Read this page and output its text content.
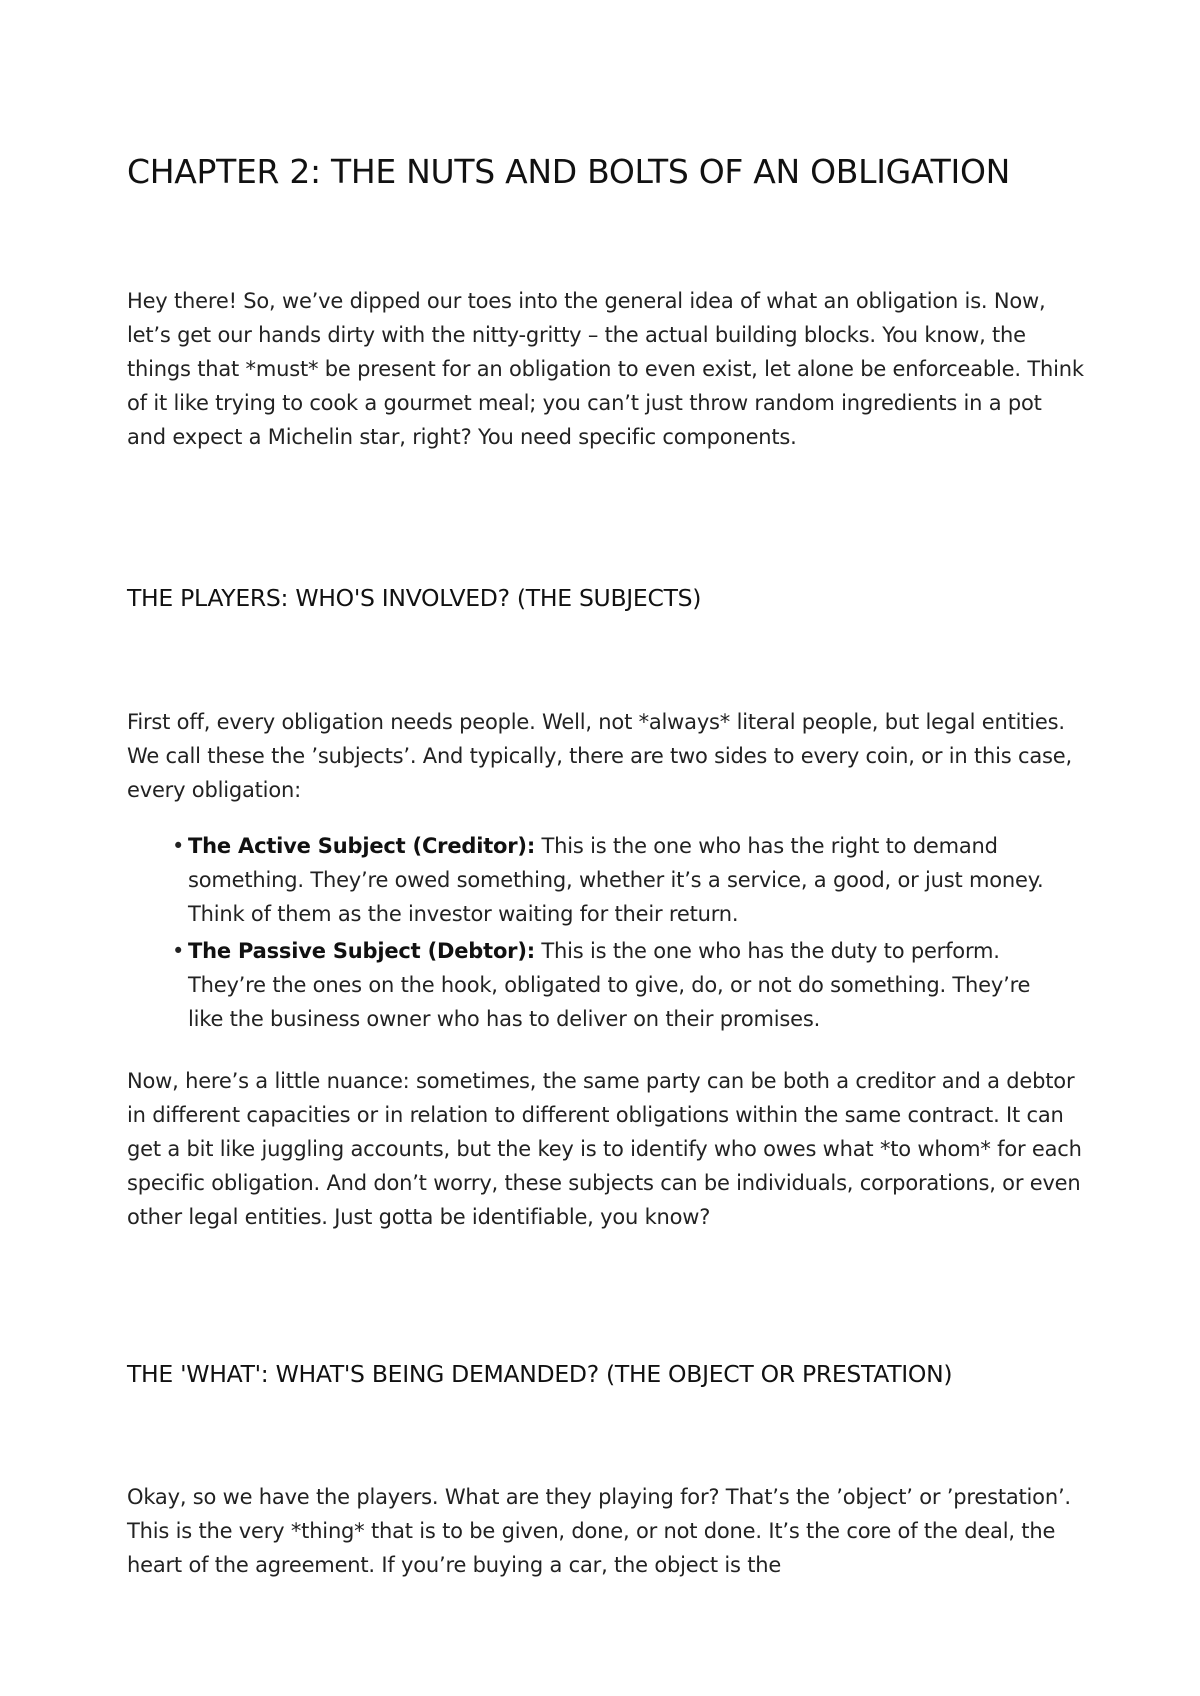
CHAPTER 2: THE NUTS AND BOLTS OF AN OBLIGATION

Hey there! So, we’ve dipped our toes into the general idea of what an obligation is. Now, let’s get our hands dirty with the nitty-gritty – the actual building blocks. You know, the things that *must* be present for an obligation to even exist, let alone be enforceable. Think of it like trying to cook a gourmet meal; you can’t just throw random ingredients in a pot and expect a Michelin star, right? You need specific components.

THE PLAYERS: WHO'S INVOLVED? (THE SUBJECTS)

First off, every obligation needs people. Well, not *always* literal people, but legal entities. We call these the ’subjects’. And typically, there are two sides to every coin, or in this case, every obligation:

• The Active Subject (Creditor): This is the one who has the right to demand something. They’re owed something, whether it’s a service, a good, or just money. Think of them as the investor waiting for their return.
• The Passive Subject (Debtor): This is the one who has the duty to perform. They’re the ones on the hook, obligated to give, do, or not do something. They’re like the business owner who has to deliver on their promises.

Now, here’s a little nuance: sometimes, the same party can be both a creditor and a debtor in different capacities or in relation to different obligations within the same contract. It can get a bit like juggling accounts, but the key is to identify who owes what *to whom* for each specific obligation. And don’t worry, these subjects can be individuals, corporations, or even other legal entities. Just gotta be identifiable, you know?

THE 'WHAT': WHAT'S BEING DEMANDED? (THE OBJECT OR PRESTATION)

Okay, so we have the players. What are they playing for? That’s the ’object’ or ’prestation’. This is the very *thing* that is to be given, done, or not done. It’s the core of the deal, the heart of the agreement. If you’re buying a car, the object is the
